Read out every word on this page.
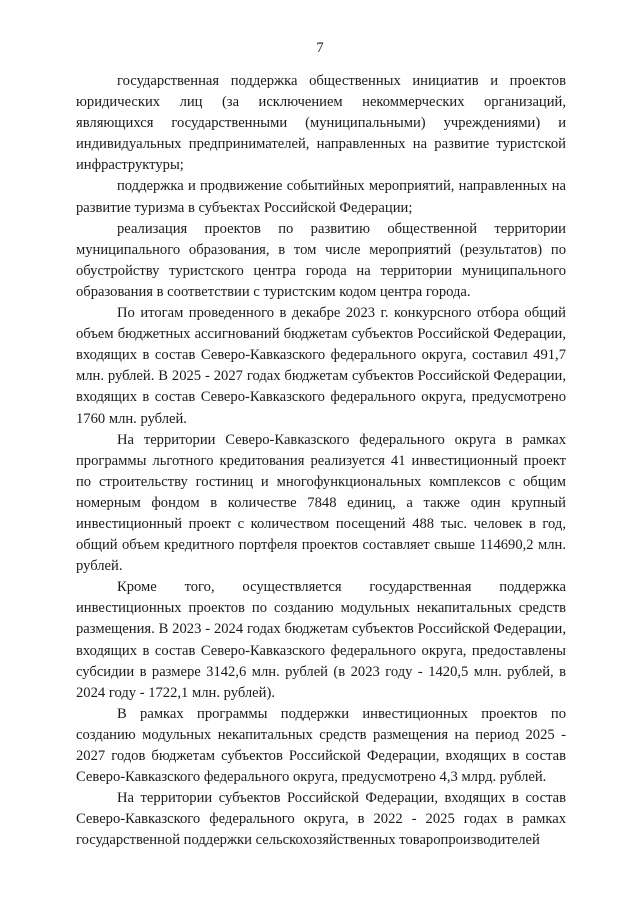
7

государственная поддержка общественных инициатив и проектов юридических лиц (за исключением некоммерческих организаций, являющихся государственными (муниципальными) учреждениями) и индивидуальных предпринимателей, направленных на развитие туристской инфраструктуры;

поддержка и продвижение событийных мероприятий, направленных на развитие туризма в субъектах Российской Федерации;

реализация проектов по развитию общественной территории муниципального образования, в том числе мероприятий (результатов) по обустройству туристского центра города на территории муниципального образования в соответствии с туристским кодом центра города.

По итогам проведенного в декабре 2023 г. конкурсного отбора общий объем бюджетных ассигнований бюджетам субъектов Российской Федерации, входящих в состав Северо-Кавказского федерального округа, составил 491,7 млн. рублей. В 2025 - 2027 годах бюджетам субъектов Российской Федерации, входящих в состав Северо-Кавказского федерального округа, предусмотрено 1760 млн. рублей.

На территории Северо-Кавказского федерального округа в рамках программы льготного кредитования реализуется 41 инвестиционный проект по строительству гостиниц и многофункциональных комплексов с общим номерным фондом в количестве 7848 единиц, а также один крупный инвестиционный проект с количеством посещений 488 тыс. человек в год, общий объем кредитного портфеля проектов составляет свыше 114690,2 млн. рублей.

Кроме того, осуществляется государственная поддержка инвестиционных проектов по созданию модульных некапитальных средств размещения. В 2023 - 2024 годах бюджетам субъектов Российской Федерации, входящих в состав Северо-Кавказского федерального округа, предоставлены субсидии в размере 3142,6 млн. рублей (в 2023 году - 1420,5 млн. рублей, в 2024 году - 1722,1 млн. рублей).

В рамках программы поддержки инвестиционных проектов по созданию модульных некапитальных средств размещения на период 2025 - 2027 годов бюджетам субъектов Российской Федерации, входящих в состав Северо-Кавказского федерального округа, предусмотрено 4,3 млрд. рублей.

На территории субъектов Российской Федерации, входящих в состав Северо-Кавказского федерального округа, в 2022 - 2025 годах в рамках государственной поддержки сельскохозяйственных товаропроизводителей
